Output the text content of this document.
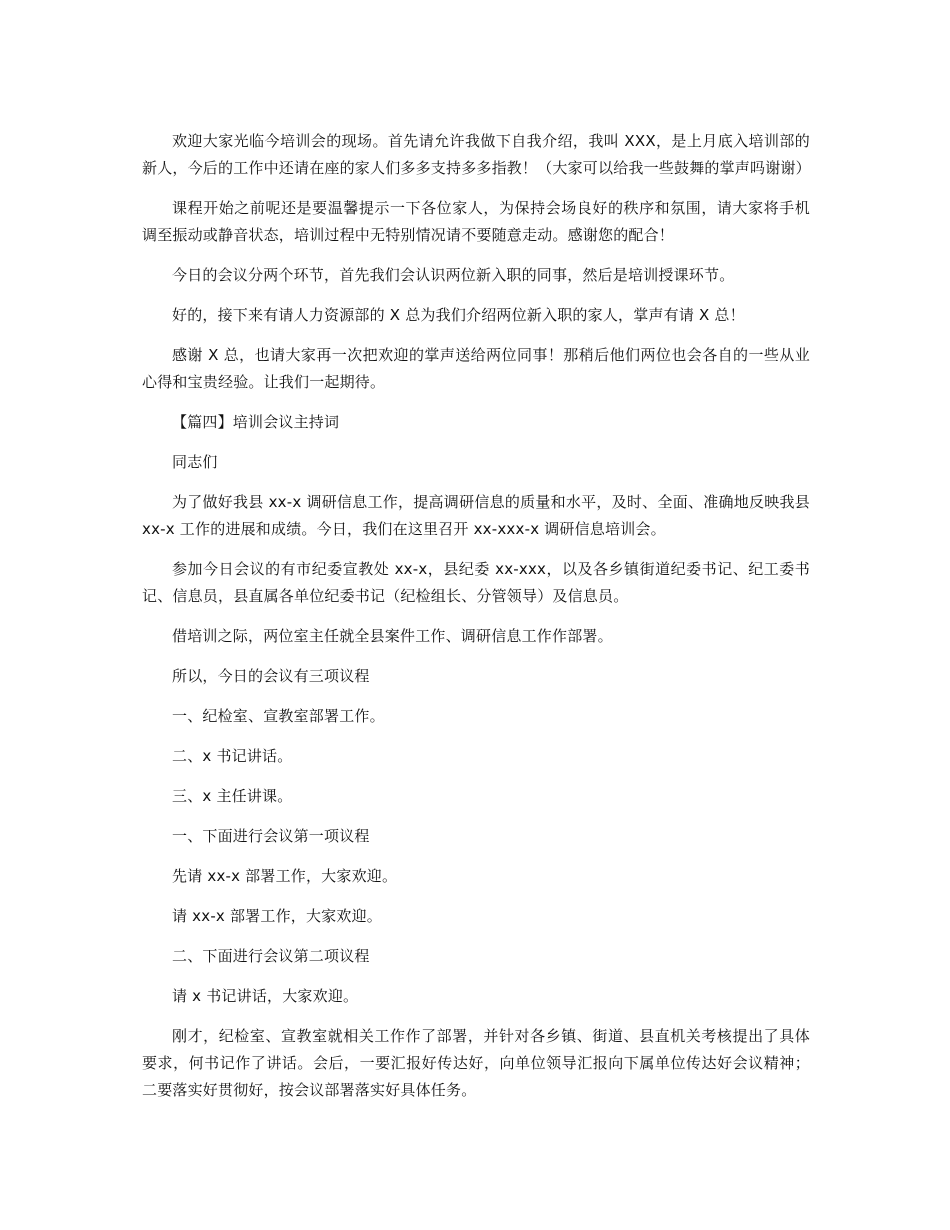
欢迎大家光临今培训会的现场。首先请允许我做下自我介绍，我叫 XXX，是上月底入培训部的新人，今后的工作中还请在座的家人们多多支持多多指教！（大家可以给我一些鼓舞的掌声吗谢谢）

课程开始之前呢还是要温馨提示一下各位家人，为保持会场良好的秩序和氛围，请大家将手机调至振动或静音状态，培训过程中无特别情况请不要随意走动。感谢您的配合！

今日的会议分两个环节，首先我们会认识两位新入职的同事，然后是培训授课环节。

好的，接下来有请人力资源部的 X 总为我们介绍两位新入职的家人，掌声有请 X 总！

感谢 X 总，也请大家再一次把欢迎的掌声送给两位同事！那稍后他们两位也会各自的一些从业心得和宝贵经验。让我们一起期待。

【篇四】培训会议主持词

同志们

为了做好我县 xx-x 调研信息工作，提高调研信息的质量和水平，及时、全面、准确地反映我县 xx-x 工作的进展和成绩。今日，我们在这里召开 xx-xxx-x 调研信息培训会。

参加今日会议的有市纪委宣教处 xx-x，县纪委 xx-xxx，以及各乡镇街道纪委书记、纪工委书记、信息员，县直属各单位纪委书记（纪检组长、分管领导）及信息员。

借培训之际，两位室主任就全县案件工作、调研信息工作作部署。

所以，今日的会议有三项议程

一、纪检室、宣教室部署工作。

二、x 书记讲话。

三、x 主任讲课。

一、下面进行会议第一项议程

先请 xx-x 部署工作，大家欢迎。

请 xx-x 部署工作，大家欢迎。

二、下面进行会议第二项议程

请 x 书记讲话，大家欢迎。

刚才，纪检室、宣教室就相关工作作了部署，并针对各乡镇、街道、县直机关考核提出了具体要求，何书记作了讲话。会后，一要汇报好传达好，向单位领导汇报向下属单位传达好会议精神；二要落实好贯彻好，按会议部署落实好具体任务。
